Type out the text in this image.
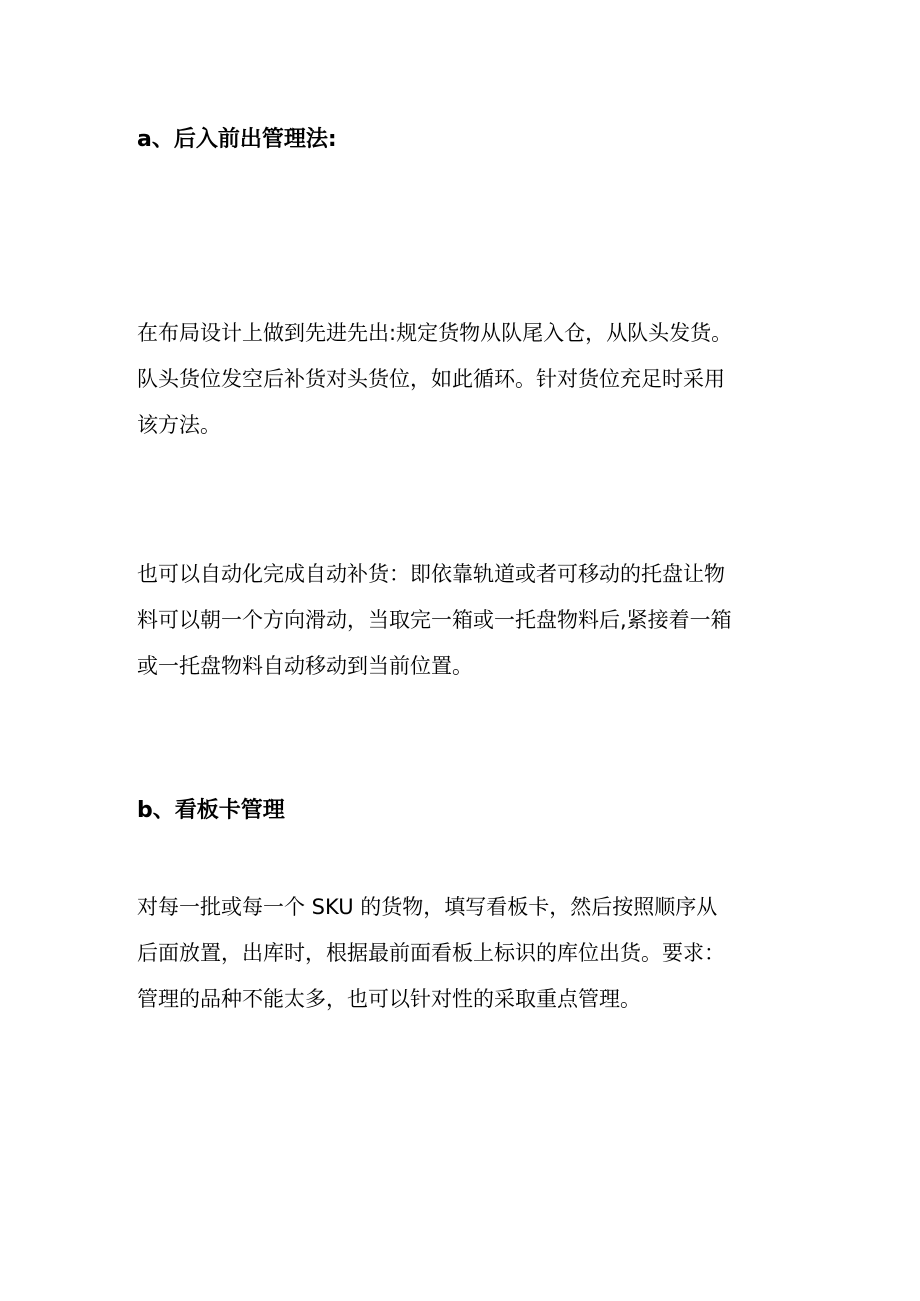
a、后入前出管理法:
在布局设计上做到先进先出:规定货物从队尾入仓，从队头发货。
队头货位发空后补货对头货位，如此循环。针对货位充足时采用
该方法。
也可以自动化完成自动补货：即依靠轨道或者可移动的托盘让物
料可以朝一个方向滑动，当取完一箱或一托盘物料后,紧接着一箱
或一托盘物料自动移动到当前位置。
b、看板卡管理
对每一批或每一个 SKU 的货物，填写看板卡，然后按照顺序从
后面放置，出库时，根据最前面看板上标识的库位出货。要求：
管理的品种不能太多，也可以针对性的采取重点管理。
